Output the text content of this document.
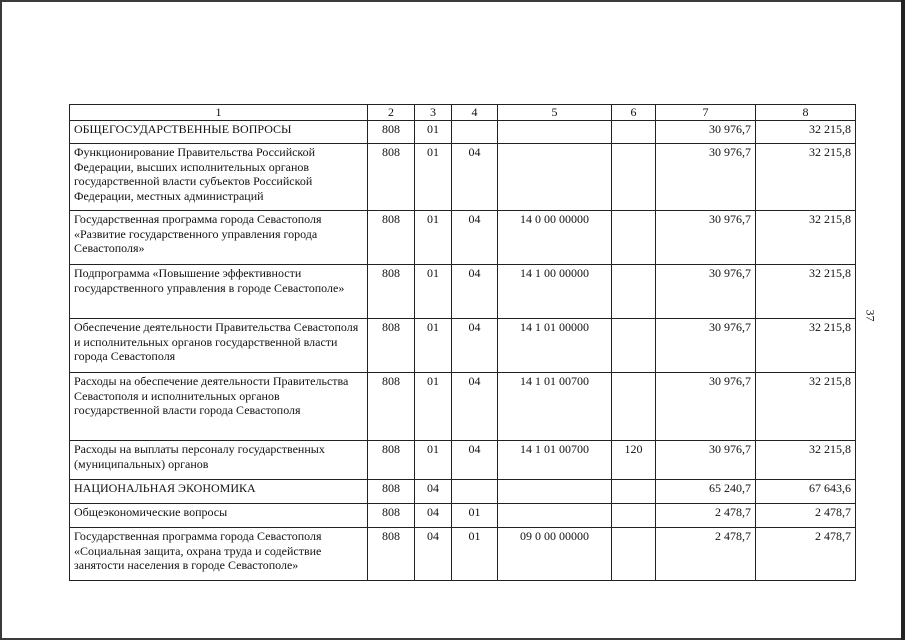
1	2	3	4	5	6	7	8
ОБЩЕГОСУДАРСТВЕННЫЕ ВОПРОСЫ	808	01				30 976,7	32 215,8
Функционирование Правительства Российской Федерации, высших исполнительных органов государственной власти субъектов Российской Федерации, местных администраций	808	01	04			30 976,7	32 215,8
Государственная программа города Севастополя «Развитие государственного управления города Севастополя»	808	01	04	14 0 00 00000		30 976,7	32 215,8
Подпрограмма «Повышение эффективности государственного управления в городе Севастополе»	808	01	04	14 1 00 00000		30 976,7	32 215,8
Обеспечение деятельности Правительства Севастополя и исполнительных органов государственной власти города Севастополя	808	01	04	14 1 01 00000		30 976,7	32 215,8
Расходы на обеспечение деятельности Правительства Севастополя и исполнительных органов государственной власти города Севастополя	808	01	04	14 1 01 00700		30 976,7	32 215,8
Расходы на выплаты персоналу государственных (муниципальных) органов	808	01	04	14 1 01 00700	120	30 976,7	32 215,8
НАЦИОНАЛЬНАЯ ЭКОНОМИКА	808	04				65 240,7	67 643,6
Общеэкономические вопросы	808	04	01			2 478,7	2 478,7
Государственная программа города Севастополя «Социальная защита, охрана труда и содействие занятости населения в городе Севастополе»	808	04	01	09 0 00 00000		2 478,7	2 478,7
37
